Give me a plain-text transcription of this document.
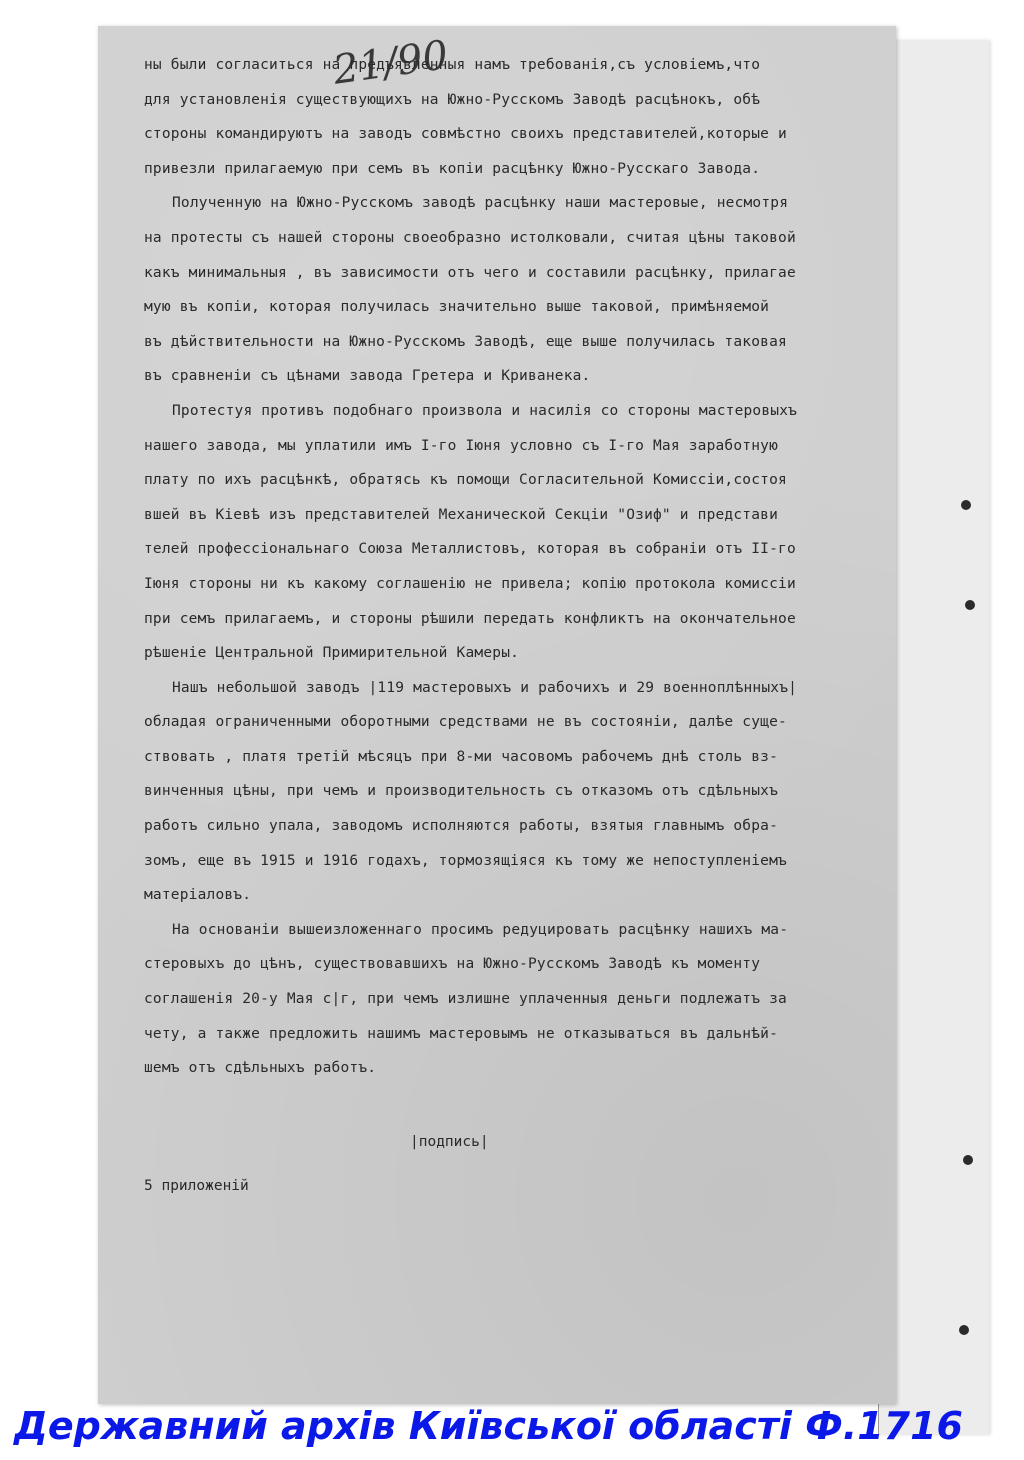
21/90
ны были согласиться на предъявленныя намъ требованія,съ условіемъ,что
для установленія существующихъ на Южно-Русскомъ Заводѣ расцѣнокъ, обѣ
стороны командируютъ на заводъ совмѣстно своихъ представителей,которые и
привезли прилагаемую при семъ въ копіи расцѣнку Южно-Русскаго Завода.
Полученную на Южно-Русскомъ заводѣ расцѣнку наши мастеровые, несмотря
на протесты съ нашей стороны своеобразно истолковали, считая цѣны таковой
какъ минимальныя , въ зависимости отъ чего и составили расцѣнку, прилагае
мую въ копіи, которая получилась значительно выше таковой, примѣняемой
въ дѣйствительности на Южно-Русскомъ Заводѣ, еще выше получилась таковая
въ сравненіи съ цѣнами завода Гретера и Криванека.
Протестуя противъ подобнаго произвола и насилія со стороны мастеровыхъ
нашего завода, мы уплатили имъ I-го Іюня условно съ I-го Мая заработную
плату по ихъ расцѣнкѣ, обратясь къ помощи Согласительной Комиссіи,состоя
вшей въ Кіевѣ изъ представителей Механической Секціи "Озиф" и представи
телей профессіональнаго Союза Металлистовъ, которая въ собраніи отъ II-го
Іюня стороны ни къ какому соглашенію не привела; копію протокола комиссіи
при семъ прилагаемъ, и стороны рѣшили передать конфликтъ на окончательное
рѣшеніе Центральной Примирительной Камеры.
Нашъ небольшой заводъ |119 мастеровыхъ и рабочихъ и 29 военноплѣнныхъ|
обладая ограниченными оборотными средствами не въ состояніи, далѣе суще-
ствовать , платя третій мѣсяцъ при 8-ми часовомъ рабочемъ днѣ столь вз-
винченныя цѣны, при чемъ и производительность съ отказомъ отъ сдѣльныхъ
работъ сильно упала, заводомъ исполняются работы, взятыя главнымъ обра-
зомъ, еще въ 1915 и 1916 годахъ, тормозящіяся къ тому же непоступленіемъ
матеріаловъ.
На основаніи вышеизложеннаго просимъ редуцировать расцѣнку нашихъ ма-
стеровыхъ до цѣнъ, существовавшихъ на Южно-Русскомъ Заводѣ къ моменту
соглашенія 20-у Мая с|г, при чемъ излишне уплаченныя деньги подлежатъ за
чету, а также предложить нашимъ мастеровымъ не отказываться въ дальнѣй-
шемъ отъ сдѣльныхъ работъ.
|подпись|
5 приложеній
Державний архів Київської області Ф.1716
